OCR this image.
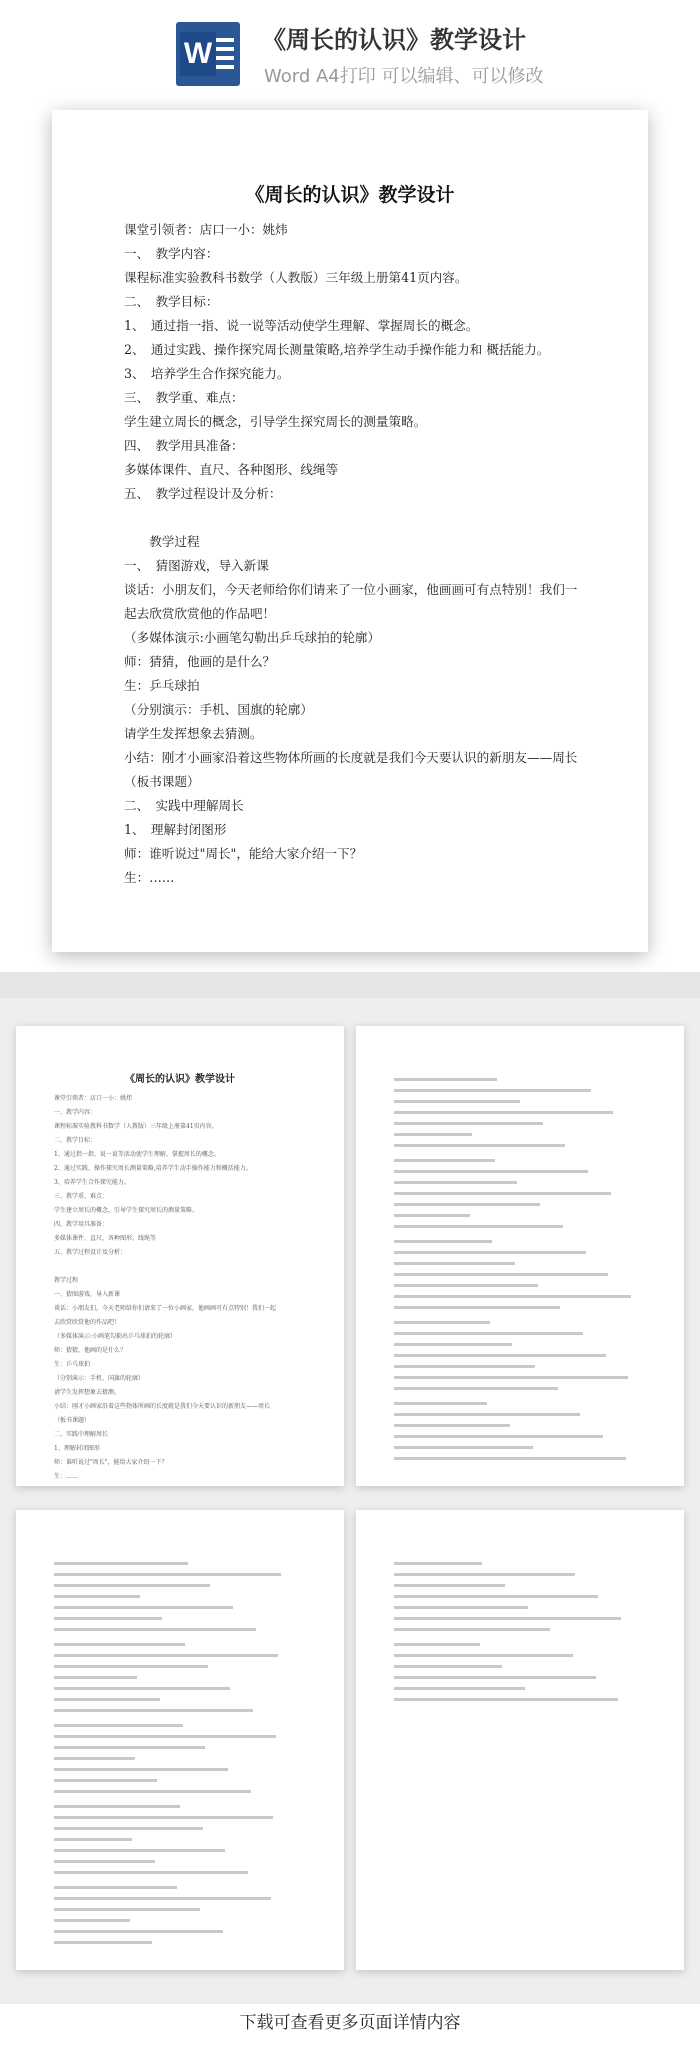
W 《周长的认识》教学设计
Word A4打印 可以编辑、可以修改
《周长的认识》教学设计
课堂引领者：店口一小：姚炜
一、　教学内容：
课程标准实验教科书数学（人教版）三年级上册第41页内容。
二、　教学目标：
1、　通过指一指、说一说等活动使学生理解、掌握周长的概念。
2、　通过实践、操作探究周长测量策略,培养学生动手操作能力和 概括能力。
3、　培养学生合作探究能力。
三、　教学重、难点：
学生建立周长的概念，引导学生探究周长的测量策略。
四、　教学用具准备：
多媒体课件、直尺、各种图形、线绳等
五、　教学过程设计及分析：
　　教学过程
一、　猜图游戏，导入新课
谈话：小朋友们，今天老师给你们请来了一位小画家，他画画可有点特别！我们一起去欣赏欣赏他的作品吧！
（多媒体演示:小画笔勾勒出乒乓球拍的轮廓）
师：猜猜，他画的是什么？
生：乒乓球拍
（分别演示：手机、国旗的轮廓）
请学生发挥想象去猜测。
小结：刚才小画家沿着这些物体所画的长度就是我们今天要认识的新朋友——周长（板书课题）
二、　实践中理解周长
1、　理解封闭图形
师：谁听说过"周长"，能给大家介绍一下？
生：……
《周长的认识》教学设计
课堂引领者：店口一小：姚炜
一、教学内容：
课程标准实验教科书数学（人教版）三年级上册第41页内容。
二、教学目标：
1、通过指一指、说一说等活动使学生理解、掌握周长的概念。
2、通过实践、操作探究周长测量策略,培养学生动手操作能力和概括能力。
3、培养学生合作探究能力。
三、教学重、难点：
学生建立周长的概念，引导学生探究周长的测量策略。
四、教学用具准备：
多媒体课件、直尺、各种图形、线绳等
五、教学过程设计及分析：
教学过程
一、猜图游戏，导入新课
谈话：小朋友们，今天老师给你们请来了一位小画家，他画画可有点特别！我们一起
去欣赏欣赏他的作品吧！
（多媒体演示:小画笔勾勒出乒乓球拍的轮廓）
师：猜猜，他画的是什么？
生：乒乓球拍
（分别演示：手机、国旗的轮廓）
请学生发挥想象去猜测。
小结：刚才小画家沿着这些物体所画的长度就是我们今天要认识的新朋友——周长
（板书课题）
二、实践中理解周长
1、理解封闭图形
师：谁听说过"周长"，能给大家介绍一下？
生：……
下载可查看更多页面详情内容
